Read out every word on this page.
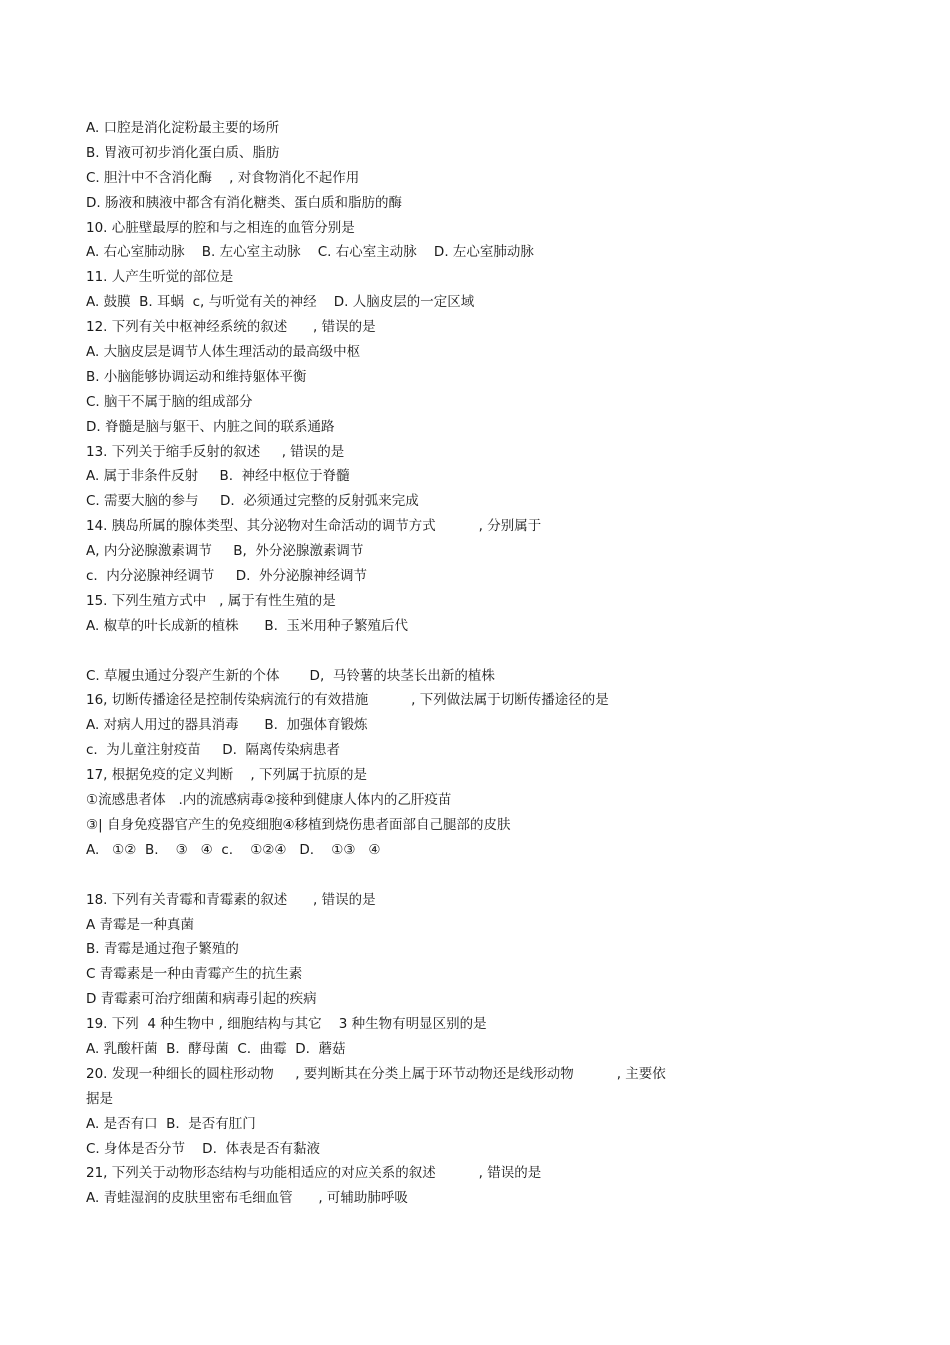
A. 口腔是消化淀粉最主要的场所
B. 胃液可初步消化蛋白质、脂肪
C. 胆汁中不含消化酶    , 对食物消化不起作用
D. 肠液和胰液中都含有消化糖类、蛋白质和脂肪的酶
10. 心脏壁最厚的腔和与之相连的血管分别是
A. 右心室肺动脉    B. 左心室主动脉    C. 右心室主动脉    D. 左心室肺动脉
11. 人产生听觉的部位是
A. 鼓膜  B. 耳蜗  c, 与听觉有关的神经    D. 人脑皮层的一定区域
12. 下列有关中枢神经系统的叙述      , 错误的是
A. 大脑皮层是调节人体生理活动的最高级中枢
B. 小脑能够协调运动和维持躯体平衡
C. 脑干不属于脑的组成部分
D. 脊髓是脑与躯干、内脏之间的联系通路
13. 下列关于缩手反射的叙述     , 错误的是
A. 属于非条件反射     B.  神经中枢位于脊髓
C. 需要大脑的参与     D.  必须通过完整的反射弧来完成
14. 胰岛所属的腺体类型、其分泌物对生命活动的调节方式          , 分别属于
A, 内分泌腺激素调节     B,  外分泌腺激素调节
c.  内分泌腺神经调节     D.  外分泌腺神经调节
15. 下列生殖方式中   , 属于有性生殖的是
A. 椒草的叶长成新的植株      B.  玉米用种子繁殖后代
C. 草履虫通过分裂产生新的个体       D,  马铃薯的块茎长出新的植株
16, 切断传播途径是控制传染病流行的有效措施          , 下列做法属于切断传播途径的是
A. 对病人用过的器具消毒      B.  加强体育锻炼
c.  为儿童注射疫苗     D.  隔离传染病患者
17, 根据免疫的定义判断    , 下列属于抗原的是
①流感患者体   .内的流感病毒②接种到健康人体内的乙肝疫苗
③| 自身免疫器官产生的免疫细胞④移植到烧伤患者面部自己腿部的皮肤
A.   ①②  B.    ③   ④  c.    ①②④   D.    ①③   ④
18. 下列有关青霉和青霉素的叙述      , 错误的是
A 青霉是一种真菌
B. 青霉是通过孢子繁殖的
C 青霉素是一种由青霉产生的抗生素
D 青霉素可治疗细菌和病毒引起的疾病
19. 下列  4 种生物中 , 细胞结构与其它    3 种生物有明显区别的是
A. 乳酸杆菌  B.  酵母菌  C.  曲霉  D.  蘑菇
20. 发现一种细长的圆柱形动物     , 要判断其在分类上属于环节动物还是线形动物          , 主要依
据是
A. 是否有口  B.  是否有肛门
C. 身体是否分节    D.  体表是否有黏液
21, 下列关于动物形态结构与功能相适应的对应关系的叙述          , 错误的是
A. 青蛙湿润的皮肤里密布毛细血管      , 可辅助肺呼吸
